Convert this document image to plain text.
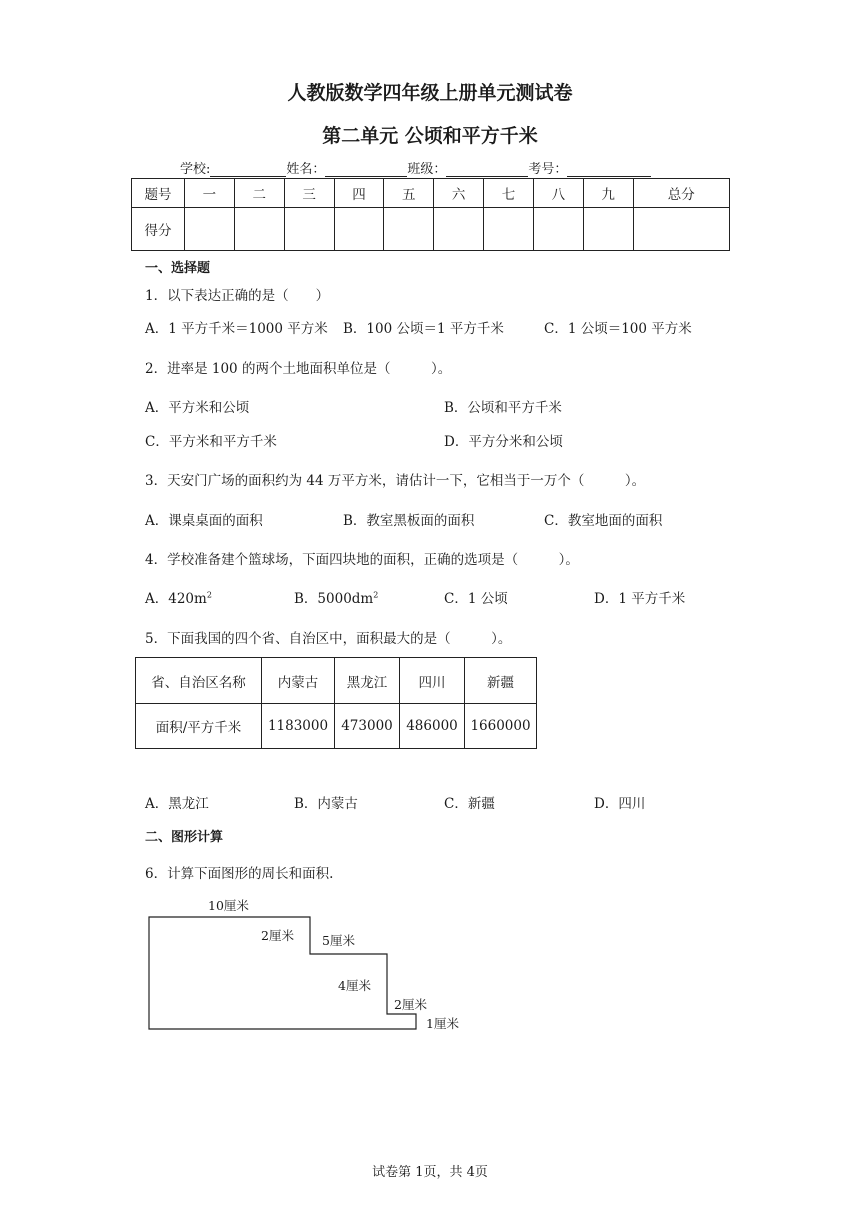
人教版数学四年级上册单元测试卷
第二单元 公顷和平方千米
学校:	姓名：	班级：	考号：
题号	一	二	三	四	五	六	七	八	九	总分
得分										
一、选择题
1．以下表达正确的是（　　）
A．1 平方千米＝1000 平方米 B．100 公顷＝1 平方千米	C．1 公顷＝100 平方米
2．进率是 100 的两个土地面积单位是（　　　）。
A．平方米和公顷	B．公顷和平方千米
C．平方米和平方千米	D．平方分米和公顷
3．天安门广场的面积约为 44 万平方米，请估计一下，它相当于一万个（　　　）。
A．课桌桌面的面积	B．教室黑板面的面积	C．教室地面的面积
4．学校准备建个篮球场，下面四块地的面积，正确的选项是（　　　）。
A．$420m^2$	B．$5000dm^2$	C．1 公顷	D．1 平方千米
5．下面我国的四个省、自治区中，面积最大的是（　　　）。
省、自治区名称	内蒙古	黑龙江	四川	新疆
面积/平方千米	1183000	473000	486000	1660000
A．黑龙江	B．内蒙古	C．新疆	D．四川
二、图形计算
6．计算下面图形的周长和面积.
10厘米
2厘米 5厘米
4厘米
2厘米
1厘米
试卷第 1页，共 4页
